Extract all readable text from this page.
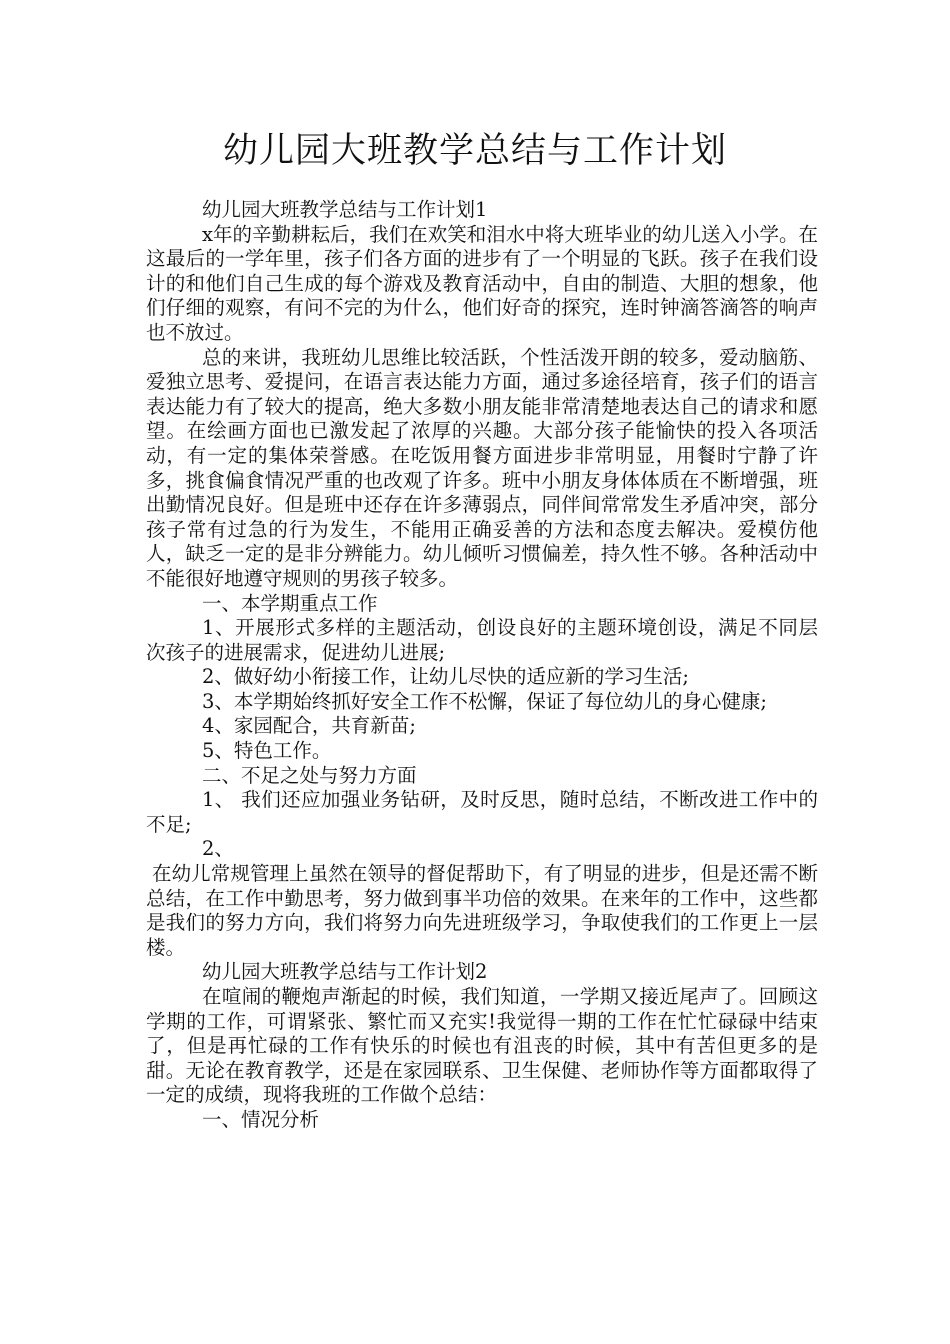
幼儿园大班教学总结与工作计划

幼儿园大班教学总结与工作计划1

x年的辛勤耕耘后，我们在欢笑和泪水中将大班毕业的幼儿送入小学。在这最后的一学年里，孩子们各方面的进步有了一个明显的飞跃。孩子在我们设计的和他们自己生成的每个游戏及教育活动中，自由的制造、大胆的想象，他们仔细的观察，有问不完的为什么，他们好奇的探究，连时钟滴答滴答的响声也不放过。

总的来讲，我班幼儿思维比较活跃，个性活泼开朗的较多，爱动脑筋、爱独立思考、爱提问，在语言表达能力方面，通过多途径培育，孩子们的语言表达能力有了较大的提高，绝大多数小朋友能非常清楚地表达自己的请求和愿望。在绘画方面也已激发起了浓厚的兴趣。大部分孩子能愉快的投入各项活动，有一定的集体荣誉感。在吃饭用餐方面进步非常明显，用餐时宁静了许多，挑食偏食情况严重的也改观了许多。班中小朋友身体体质在不断增强，班出勤情况良好。但是班中还存在许多薄弱点，同伴间常常发生矛盾冲突，部分孩子常有过急的行为发生，不能用正确妥善的方法和态度去解决。爱模仿他人，缺乏一定的是非分辨能力。幼儿倾听习惯偏差，持久性不够。各种活动中不能很好地遵守规则的男孩子较多。

一、本学期重点工作

1、开展形式多样的主题活动，创设良好的主题环境创设，满足不同层次孩子的进展需求，促进幼儿进展;

2、做好幼小衔接工作，让幼儿尽快的适应新的学习生活;

3、本学期始终抓好安全工作不松懈，保证了每位幼儿的身心健康;

4、家园配合，共育新苗;

5、特色工作。

二、不足之处与努力方面

1、 我们还应加强业务钻研，及时反思，随时总结，不断改进工作中的不足;

2、

在幼儿常规管理上虽然在领导的督促帮助下，有了明显的进步，但是还需不断总结，在工作中勤思考，努力做到事半功倍的效果。在来年的工作中，这些都是我们的努力方向，我们将努力向先进班级学习，争取使我们的工作更上一层楼。

幼儿园大班教学总结与工作计划2

在喧闹的鞭炮声渐起的时候，我们知道，一学期又接近尾声了。回顾这学期的工作，可谓紧张、繁忙而又充实!我觉得一期的工作在忙忙碌碌中结束了，但是再忙碌的工作有快乐的时候也有沮丧的时候，其中有苦但更多的是甜。无论在教育教学，还是在家园联系、卫生保健、老师协作等方面都取得了一定的成绩，现将我班的工作做个总结：

一、情况分析
